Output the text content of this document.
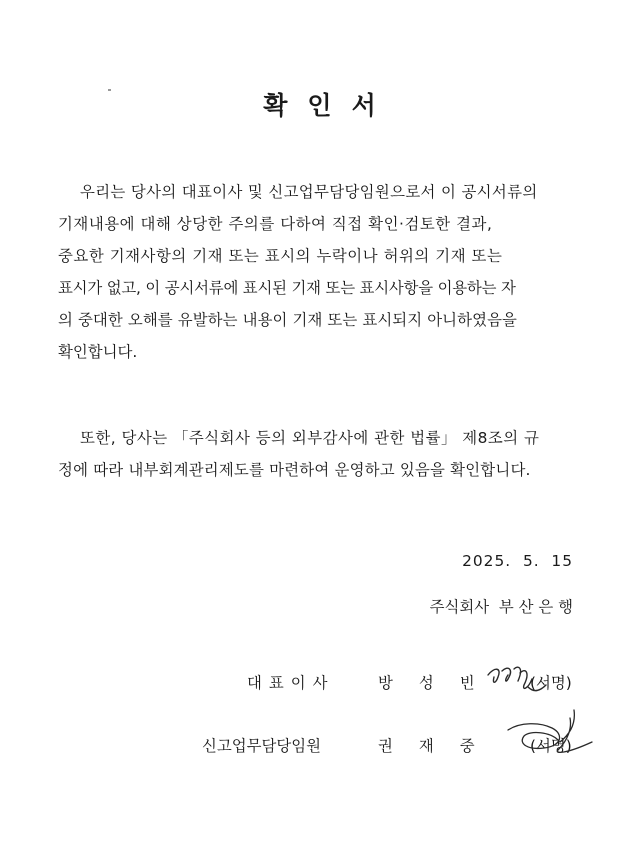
확인서
우리는 당사의 대표이사 및 신고업무담당임원으로서 이 공시서류의
기재내용에 대해 상당한 주의를 다하여 직접 확인·검토한 결과,
중요한 기재사항의 기재 또는 표시의 누락이나 허위의 기재 또는
표시가 없고, 이 공시서류에 표시된 기재 또는 표시사항을 이용하는 자
의 중대한 오해를 유발하는 내용이 기재 또는 표시되지 아니하였음을
확인합니다.
또한, 당사는 「주식회사 등의 외부감사에 관한 법률」 제8조의 규
정에 따라 내부회계관리제도를 마련하여 운영하고 있음을 확인합니다.
2025.  5.  15
주식회사  부 산 은 행
대표이사	방성빈 (서명)
신고업무담당임원	권재중 (서명)
